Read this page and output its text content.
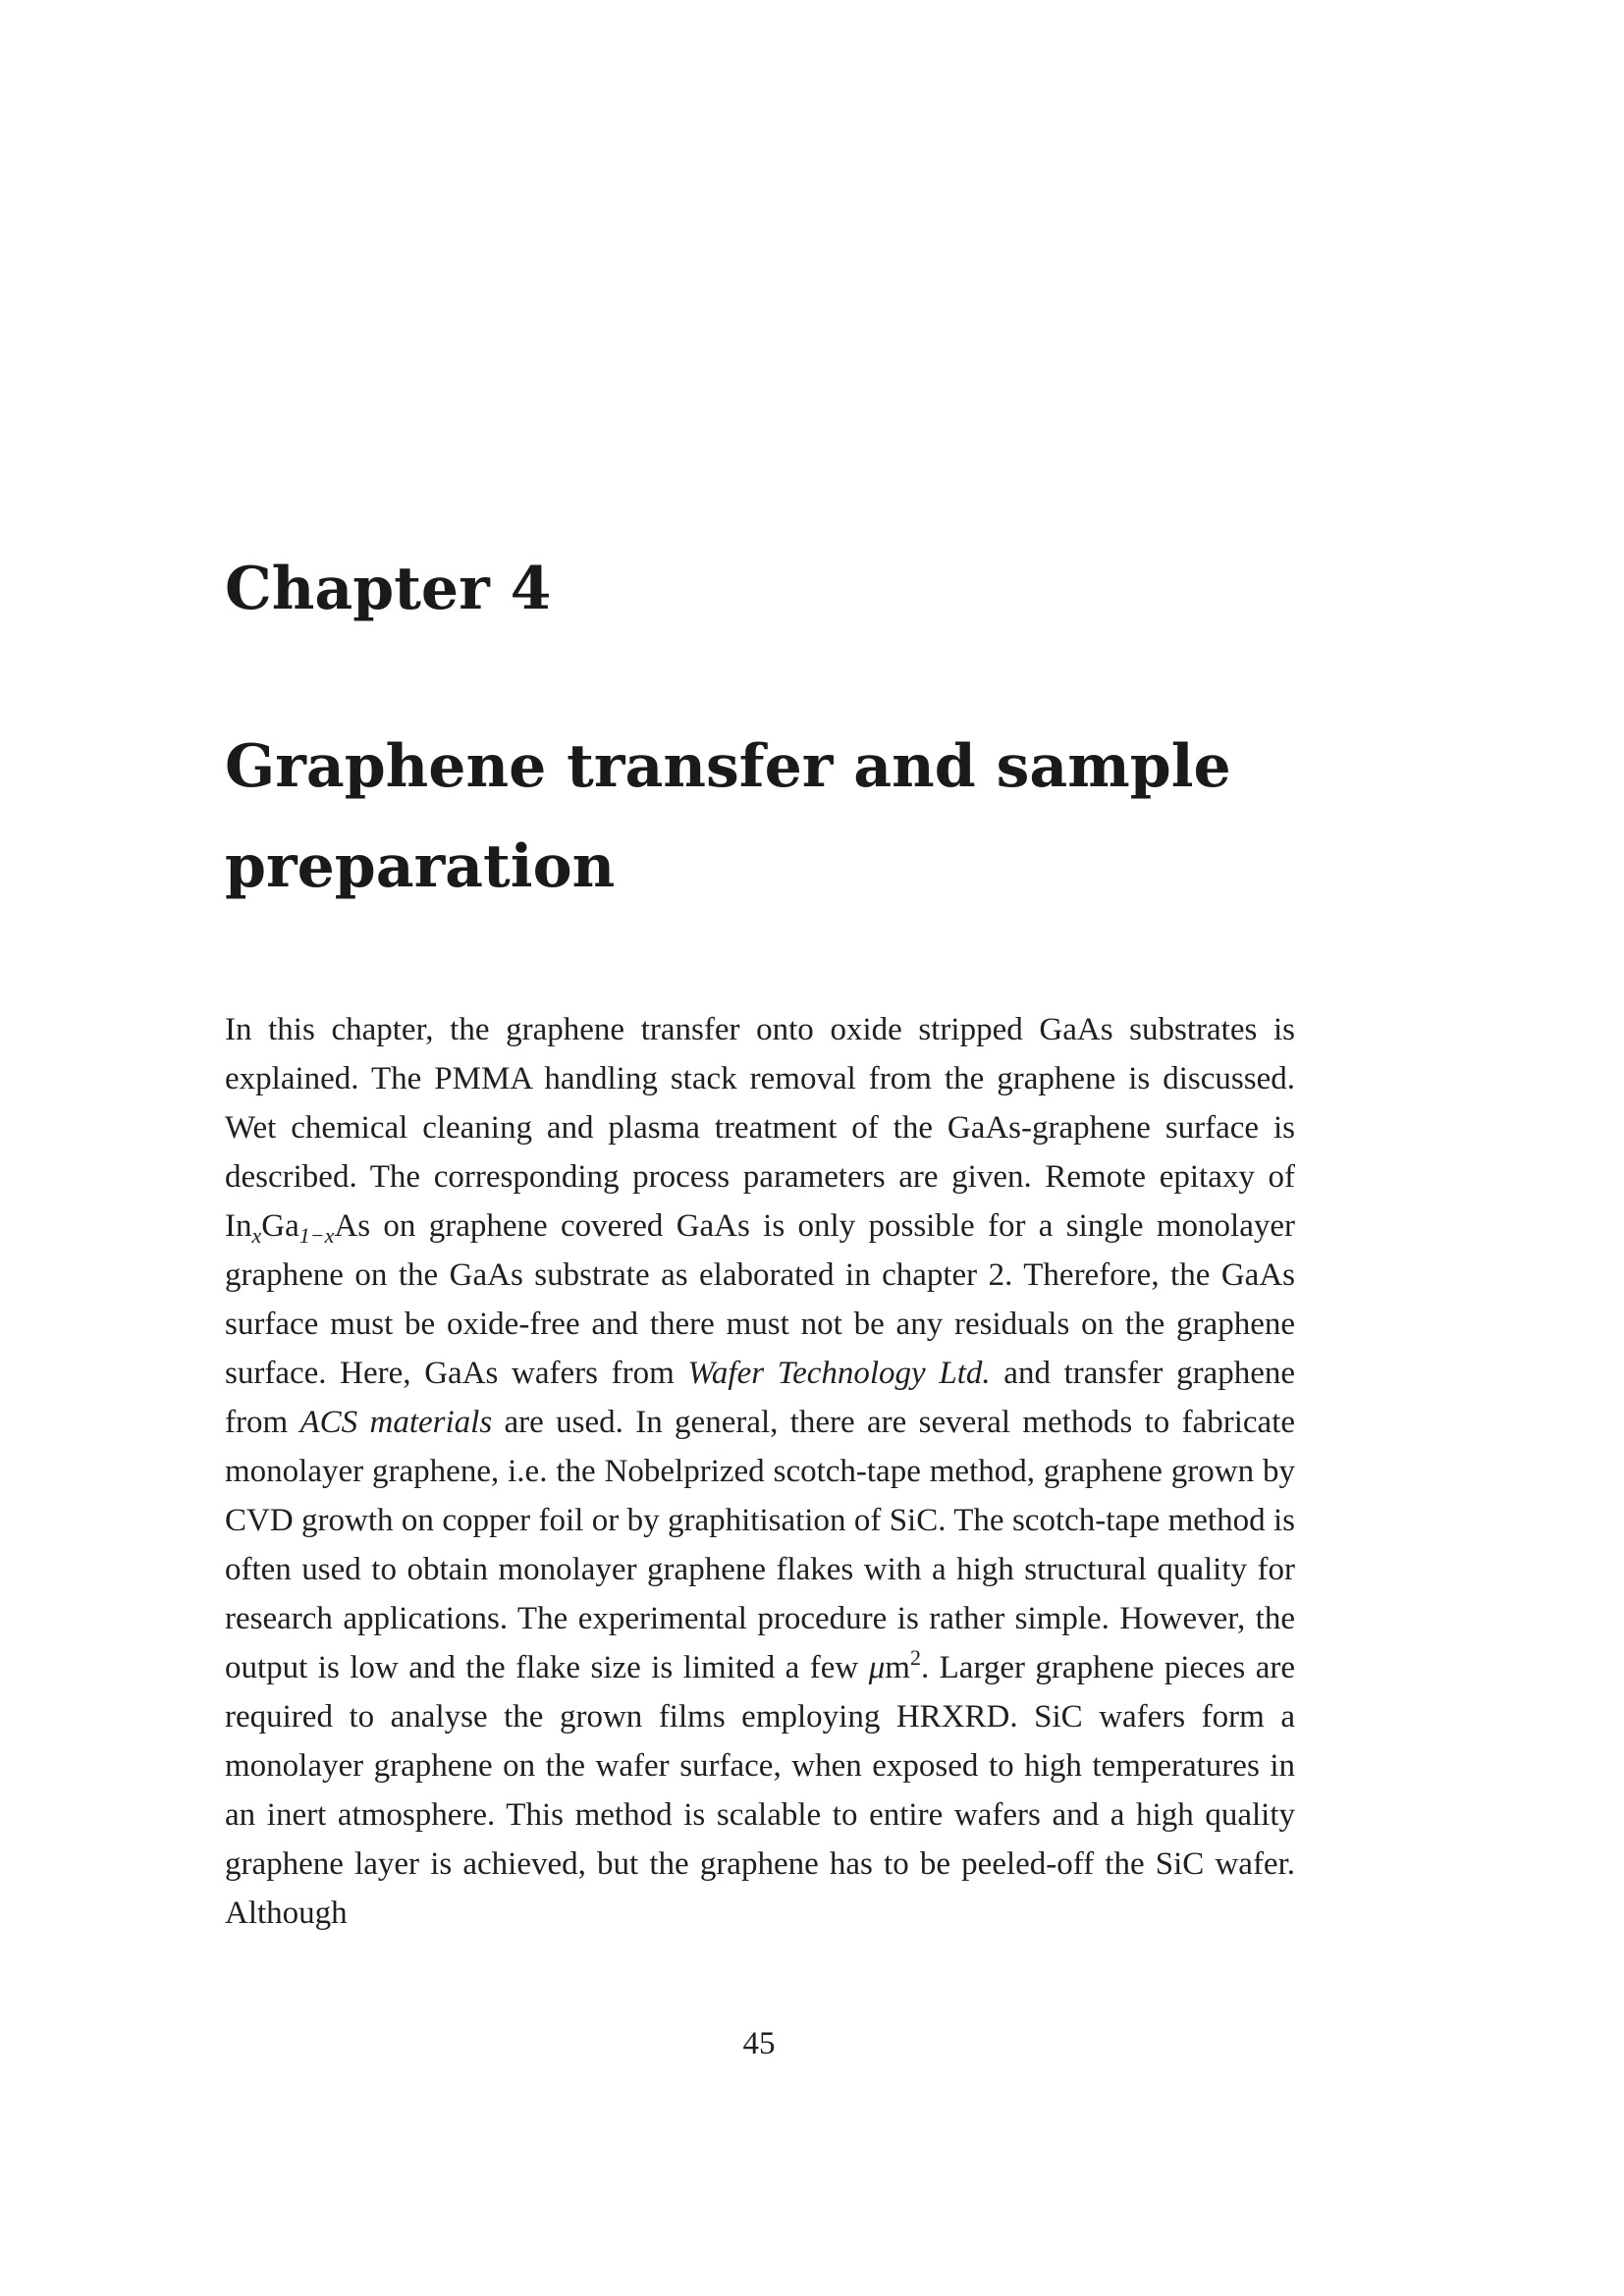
Chapter 4
Graphene transfer and sample preparation

In this chapter, the graphene transfer onto oxide stripped GaAs substrates is explained. The PMMA handling stack removal from the graphene is discussed. Wet chemical cleaning and plasma treatment of the GaAs-graphene surface is described. The corresponding process parameters are given. Remote epitaxy of $In_xGa_{1-x}As$ on graphene covered GaAs is only possible for a single monolayer graphene on the GaAs substrate as elaborated in chapter 2. Therefore, the GaAs surface must be oxide-free and there must not be any residuals on the graphene surface. Here, GaAs wafers from Wafer Technology Ltd. and transfer graphene from ACS materials are used. In general, there are several methods to fabricate monolayer graphene, i.e. the Nobelprized scotch-tape method, graphene grown by CVD growth on copper foil or by graphitisation of SiC. The scotch-tape method is often used to obtain monolayer graphene flakes with a high structural quality for research applications. The experimental procedure is rather simple. However, the output is low and the flake size is limited a few $\mu m^2$. Larger graphene pieces are required to analyse the grown films employing HRXRD. SiC wafers form a monolayer graphene on the wafer surface, when exposed to high temperatures in an inert atmosphere. This method is scalable to entire wafers and a high quality graphene layer is achieved, but the graphene has to be peeled-off the SiC wafer. Although

45
